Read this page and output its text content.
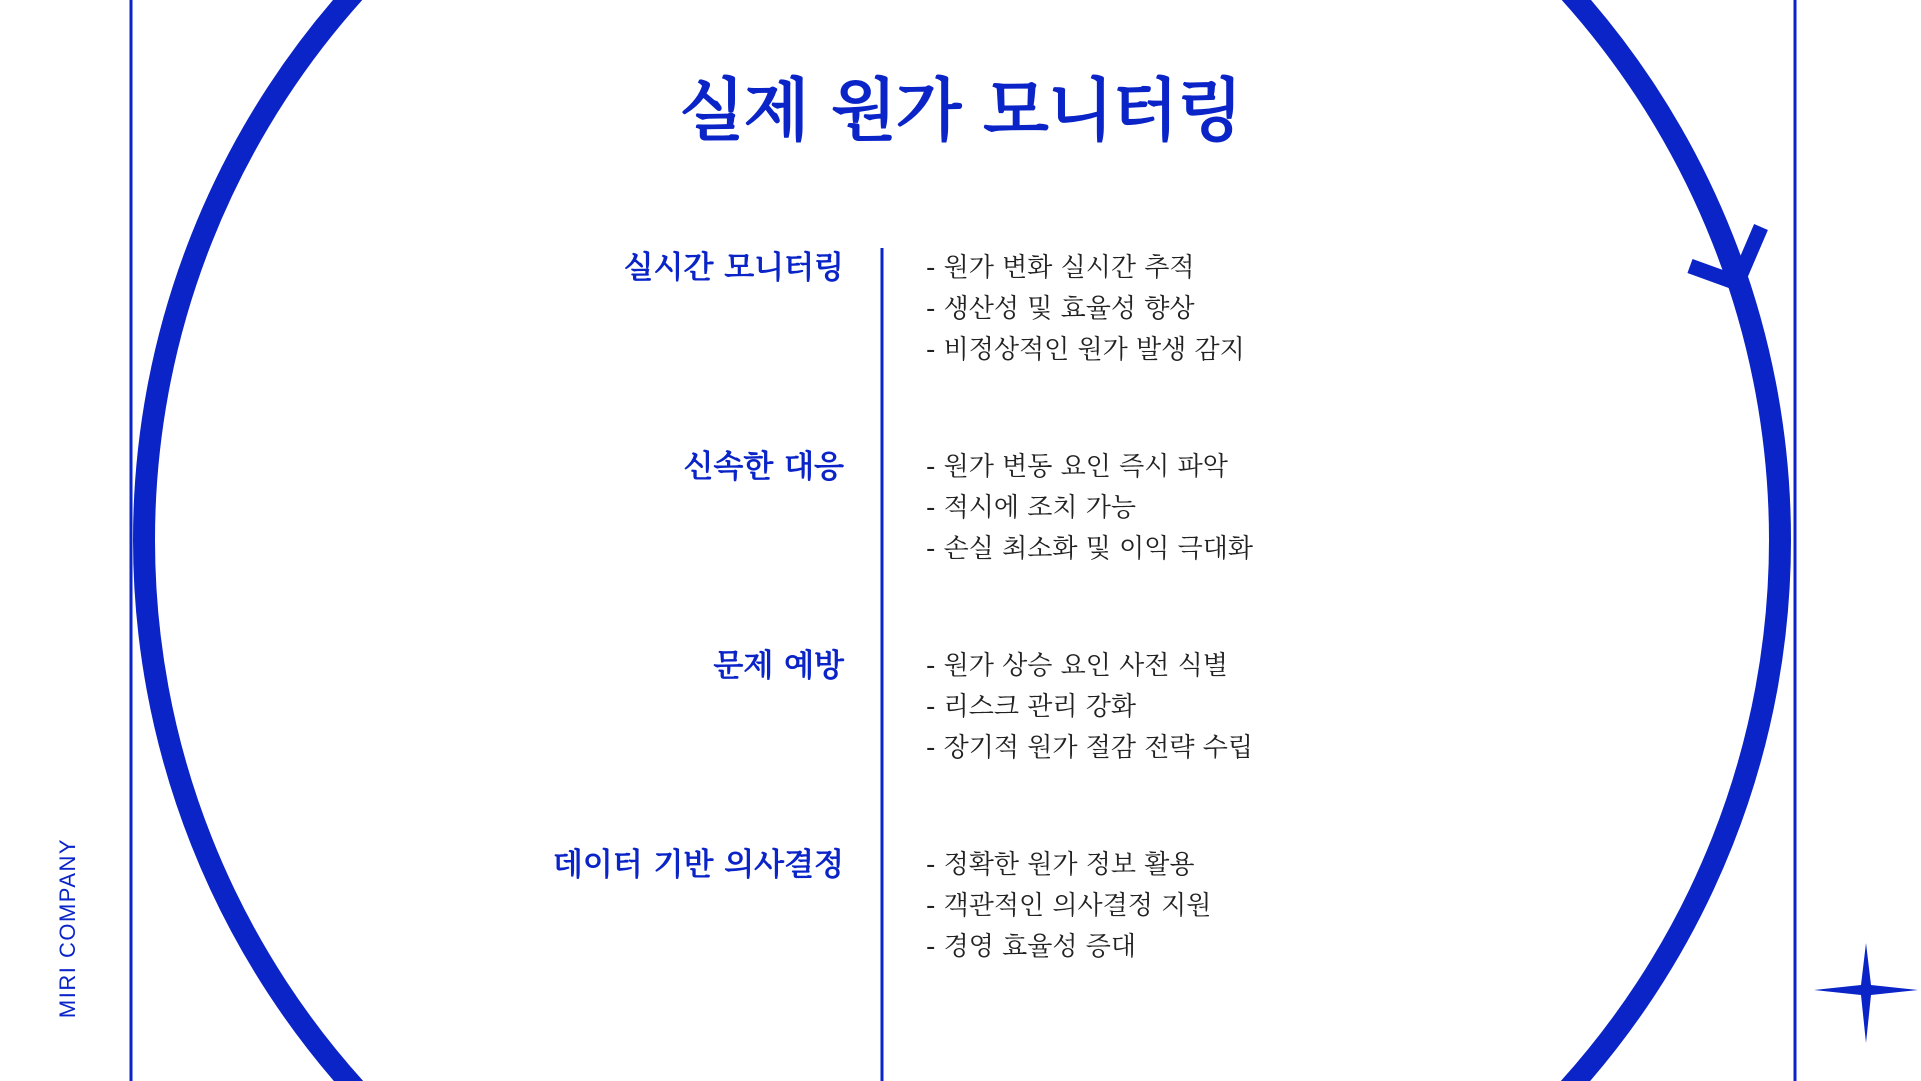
MIRI COMPANY
실제 원가 모니터링
실시간 모니터링	- 원가 변화 실시간 추적
- 생산성 및 효율성 향상
- 비정상적인 원가 발생 감지
신속한 대응	- 원가 변동 요인 즉시 파악
- 적시에 조치 가능
- 손실 최소화 및 이익 극대화
문제 예방	- 원가 상승 요인 사전 식별
- 리스크 관리 강화
- 장기적 원가 절감 전략 수립
데이터 기반 의사결정	- 정확한 원가 정보 활용
- 객관적인 의사결정 지원
- 경영 효율성 증대
